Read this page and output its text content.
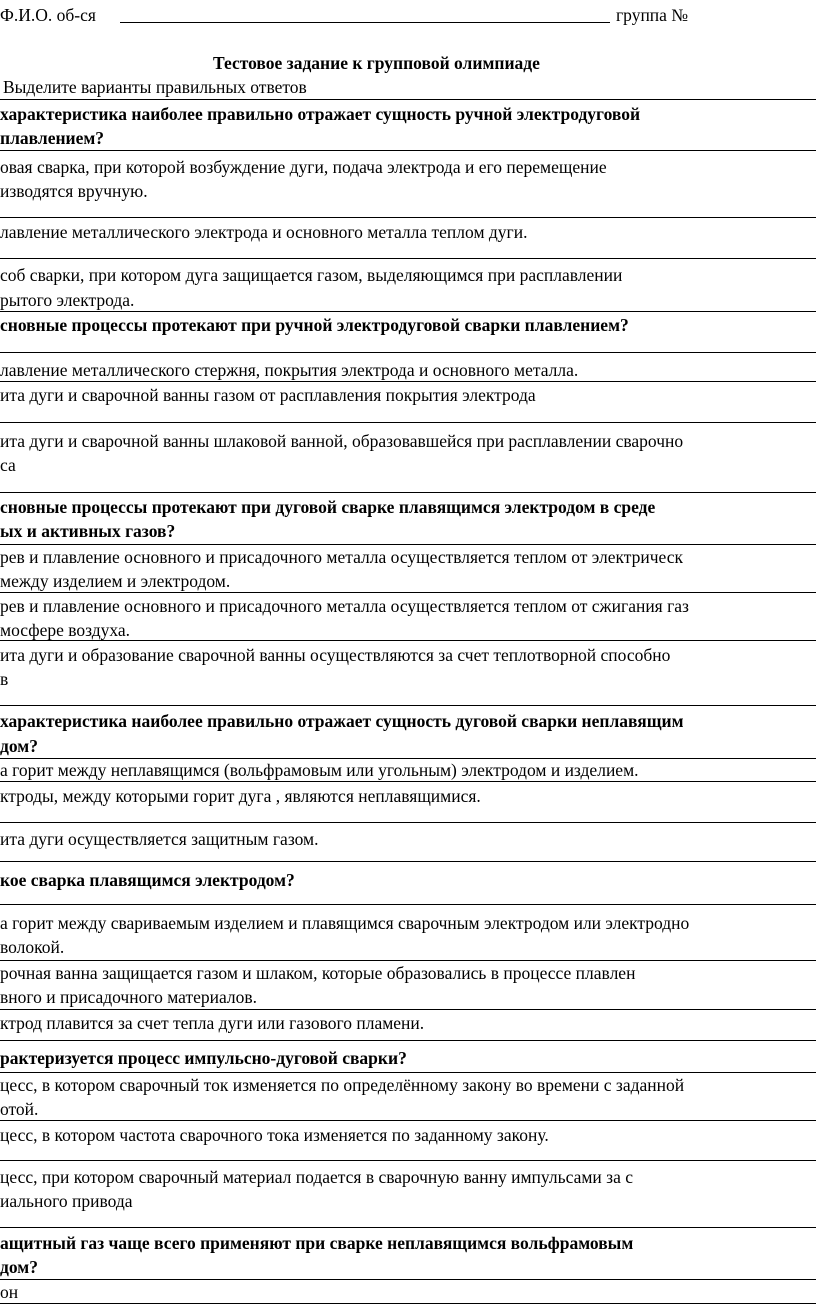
Ф.И.О. об-ся	группа №
Тестовое задание к групповой олимпиаде
Выделите варианты правильных ответов
характеристика наиболее правильно отражает сущность ручной электродуговой
плавлением?
овая сварка, при которой возбуждение дуги, подача электрода и его перемещение
изводятся вручную.
лавление металлического электрода и основного металла теплом дуги.
соб сварки, при котором дуга защищается газом, выделяющимся при расплавлении
рытого электрода.
сновные процессы протекают при ручной электродуговой сварки плавлением?
лавление металлического стержня, покрытия электрода и основного металла.
ита дуги и сварочной ванны газом от расплавления покрытия электрода
ита дуги и сварочной ванны шлаковой ванной, образовавшейся при расплавлении сварочно
са
сновные процессы протекают при дуговой сварке плавящимся электродом в среде
ых и активных газов?
рев и плавление основного и присадочного металла осуществляется теплом от электрическ
между изделием и электродом.
рев и плавление основного и присадочного металла осуществляется теплом от сжигания газ
мосфере воздуха.
ита дуги и образование сварочной ванны осуществляются за счет теплотворной способно
в
характеристика наиболее правильно отражает сущность дуговой сварки неплавящим
дом?
а горит между неплавящимся (вольфрамовым или угольным) электродом и изделием.
ктроды, между которыми горит дуга , являются неплавящимися.
ита дуги осуществляется защитным газом.
кое сварка плавящимся электродом?
а горит между свариваемым изделием и плавящимся сварочным электродом или электродно
волокой.
рочная ванна защищается газом и шлаком, которые образовались в процессе плавлен
вного и присадочного материалов.
ктрод плавится за счет тепла дуги или газового пламени.
рактеризуется процесс импульсно-дуговой сварки?
цесс, в котором сварочный ток изменяется по определённому закону во времени с заданной
отой.
цесс, в котором частота сварочного тока изменяется по заданному закону.
цесс, при котором сварочный материал подается в сварочную ванну импульсами за с
иального привода
ащитный газ чаще всего применяют при сварке неплавящимся вольфрамовым
дом?
он
